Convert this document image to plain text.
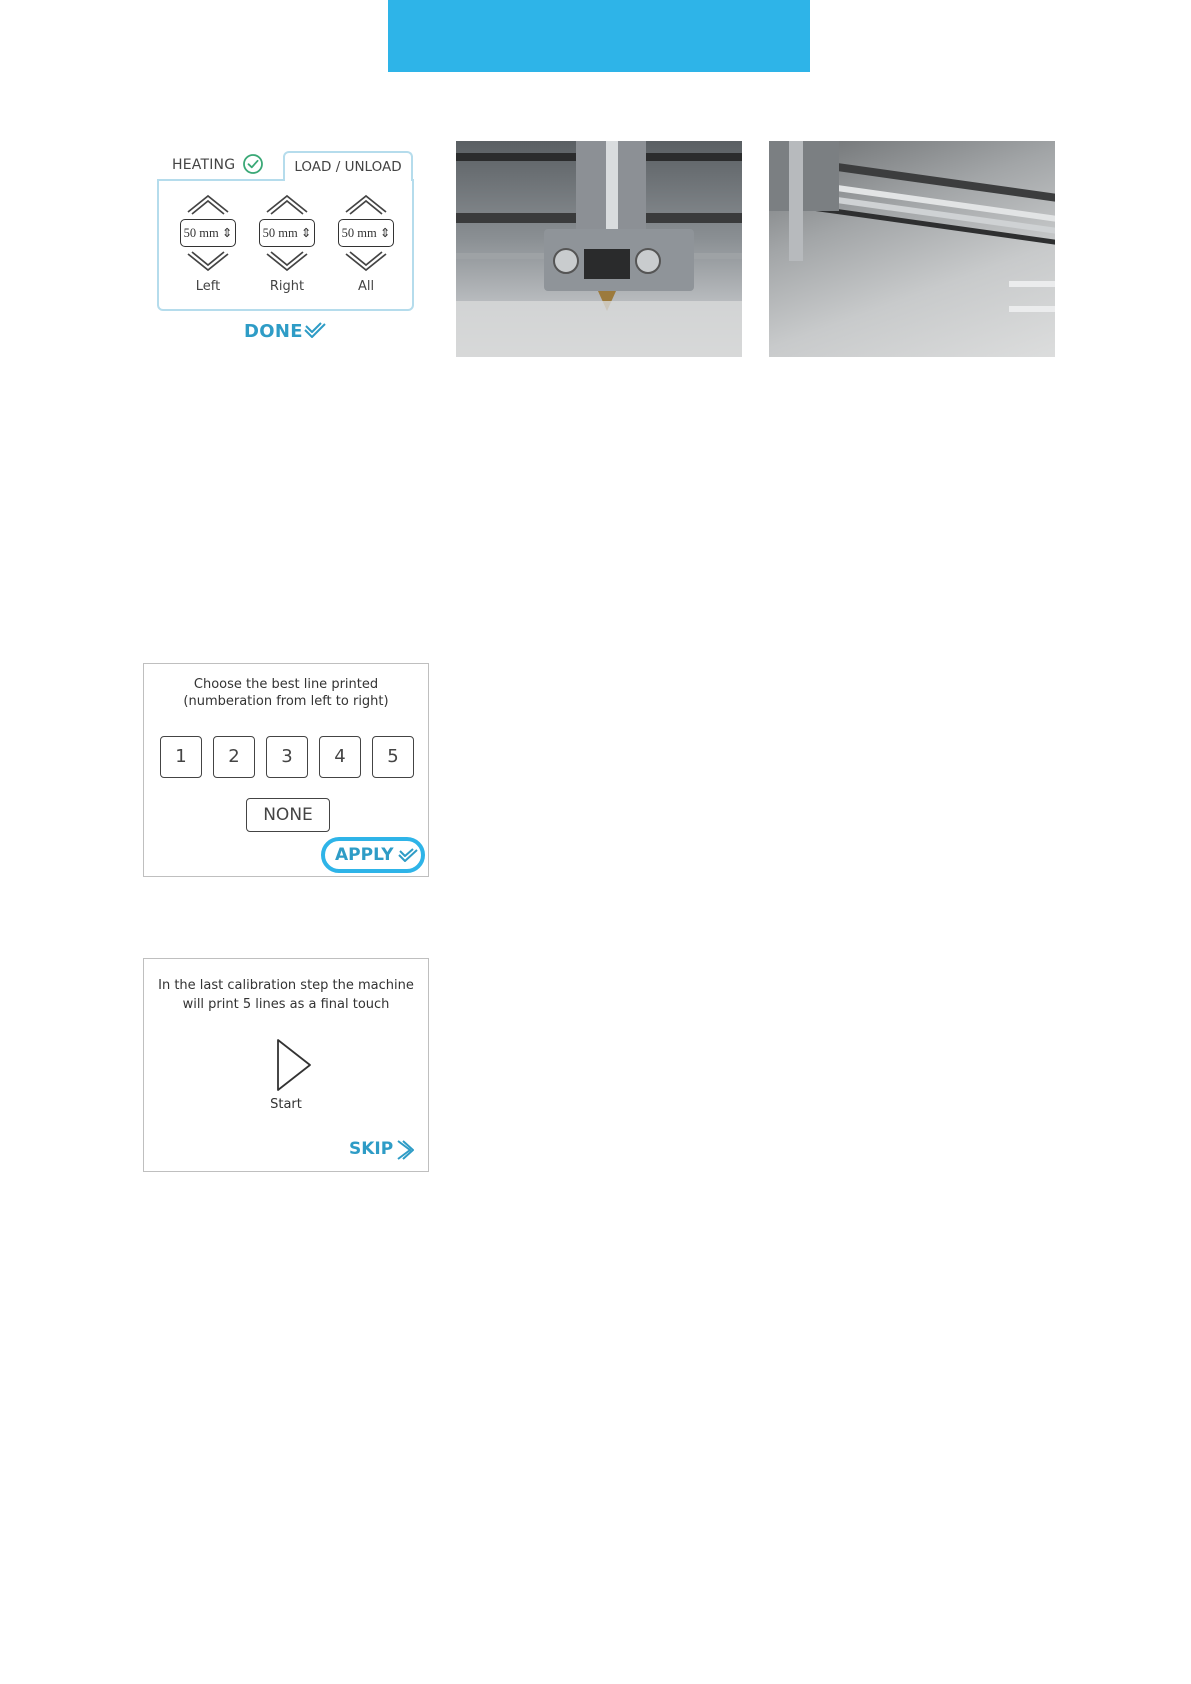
HEATING	LOAD / UNLOAD
50 mm ⇕
Left
50 mm ⇕
Right
50 mm ⇕
All
DONE
Choose the best line printed
(numberation from left to right)
1	2	3	4	5
NONE
APPLY
In the last calibration step the machine
will print 5 lines as a final touch
Start
SKIP
